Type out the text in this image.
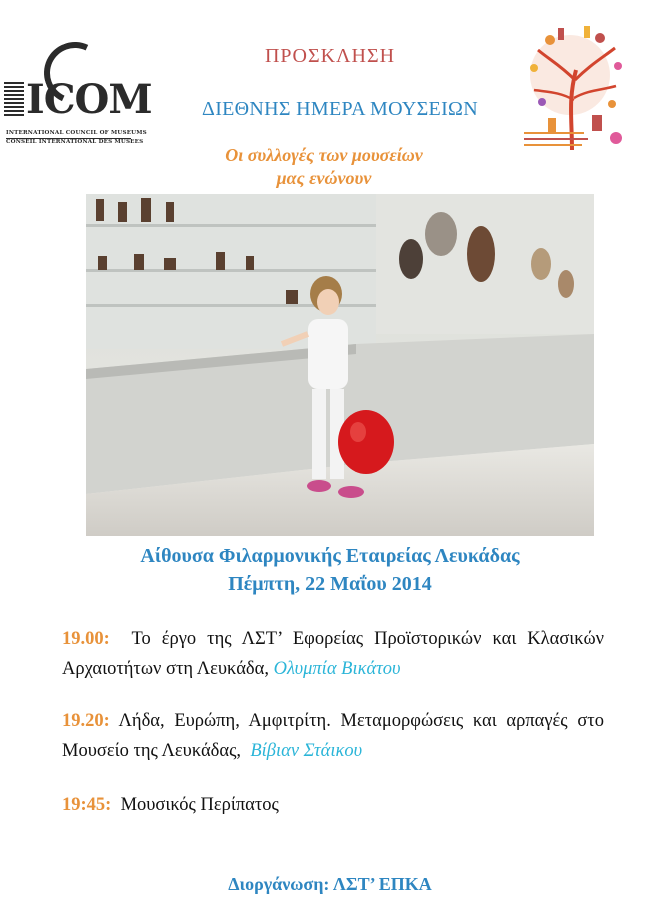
ICOM
INTERNATIONAL COUNCIL OF MUSEUMS
CONSEIL INTERNATIONAL DES MUSEES
ΠΡΟΣΚΛΗΣΗ
ΔΙΕΘΝΗΣ ΗΜΕΡΑ ΜΟΥΣΕΙΩΝ
Οι συλλογές των μουσείων
μας ενώνουν
Αίθουσα Φιλαρμονικής Εταιρείας Λευκάδας
Πέμπτη, 22 Μαΐου 2014
19.00: Το έργο της ΛΣΤ’ Εφορείας Προϊστορικών και Κλασικών Αρχαιοτήτων στη Λευκάδα, Ολυμπία Βικάτου
19.20: Λήδα, Ευρώπη, Αμφιτρίτη. Μεταμορφώσεις και αρπαγές στο Μουσείο της Λευκάδας, Βίβιαν Στάικου
19:45: Μουσικός Περίπατος
Διοργάνωση: ΛΣΤ’ ΕΠΚΑ
